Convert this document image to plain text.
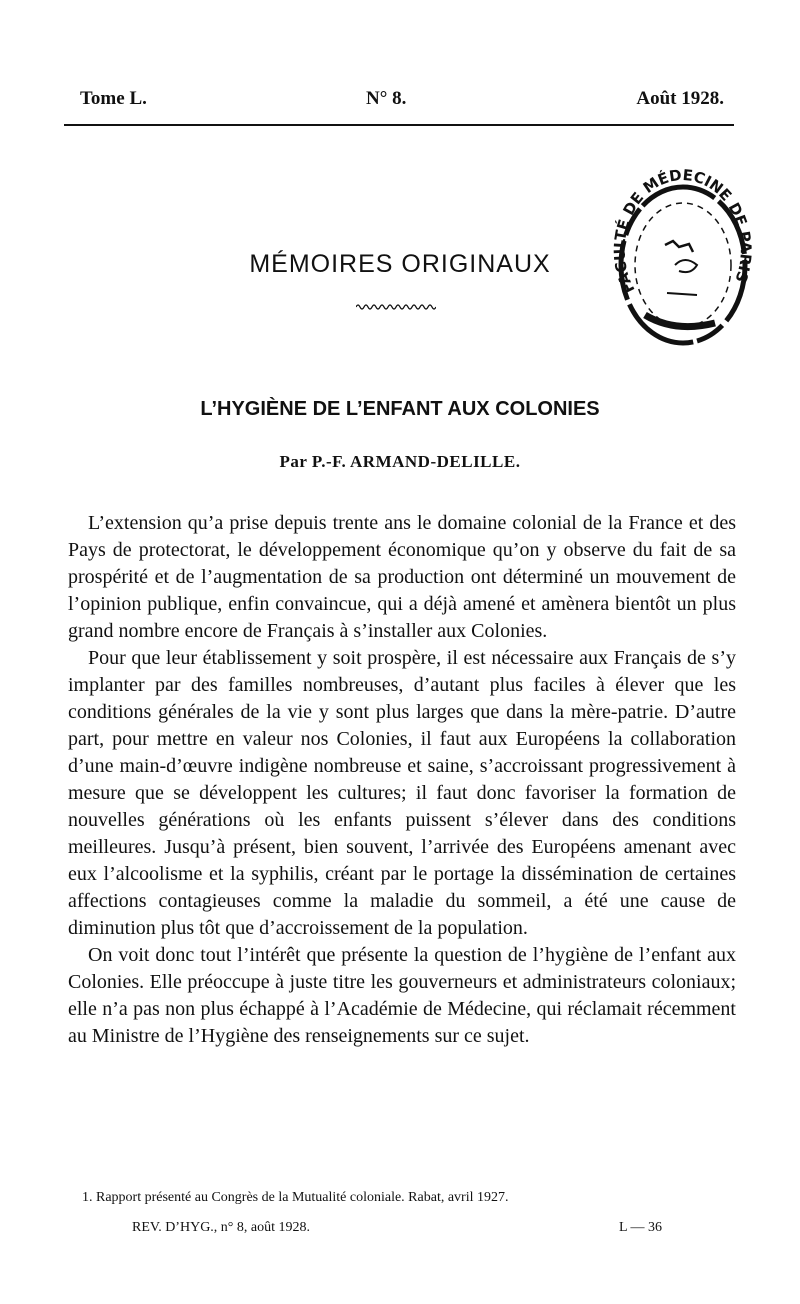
Tome L.	N° 8.	Août 1928.
FACULTÉ DE MÉDECINE DE PARIS
MÉMOIRES ORIGINAUX
L’HYGIÈNE DE L’ENFANT AUX COLONIES
Par P.-F. ARMAND-DELILLE.

L’extension qu’a prise depuis trente ans le domaine colonial de la France et des Pays de protectorat, le développement économique qu’on y observe du fait de sa prospérité et de l’augmentation de sa production ont déterminé un mouvement de l’opinion publique, enfin convaincue, qui a déjà amené et amènera bientôt un plus grand nombre encore de Français à s’installer aux Colonies.

Pour que leur établissement y soit prospère, il est nécessaire aux Français de s’y implanter par des familles nombreuses, d’autant plus faciles à élever que les conditions générales de la vie y sont plus larges que dans la mère-patrie. D’autre part, pour mettre en valeur nos Colonies, il faut aux Européens la collaboration d’une main-d’œuvre indigène nombreuse et saine, s’accroissant progressivement à mesure que se développent les cultures; il faut donc favoriser la formation de nouvelles générations où les enfants puissent s’élever dans des conditions meilleures. Jusqu’à présent, bien souvent, l’arrivée des Européens amenant avec eux l’alcoolisme et la syphilis, créant par le portage la dissémination de certaines affections contagieuses comme la maladie du sommeil, a été une cause de diminution plus tôt que d’accroissement de la population.

On voit donc tout l’intérêt que présente la question de l’hygiène de l’enfant aux Colonies. Elle préoccupe à juste titre les gouverneurs et administrateurs coloniaux; elle n’a pas non plus échappé à l’Académie de Médecine, qui réclamait récemment au Ministre de l’Hygiène des renseignements sur ce sujet.

1. Rapport présenté au Congrès de la Mutualité coloniale. Rabat, avril 1927.
REV. D’HYG., n° 8, août 1928.	L — 36
